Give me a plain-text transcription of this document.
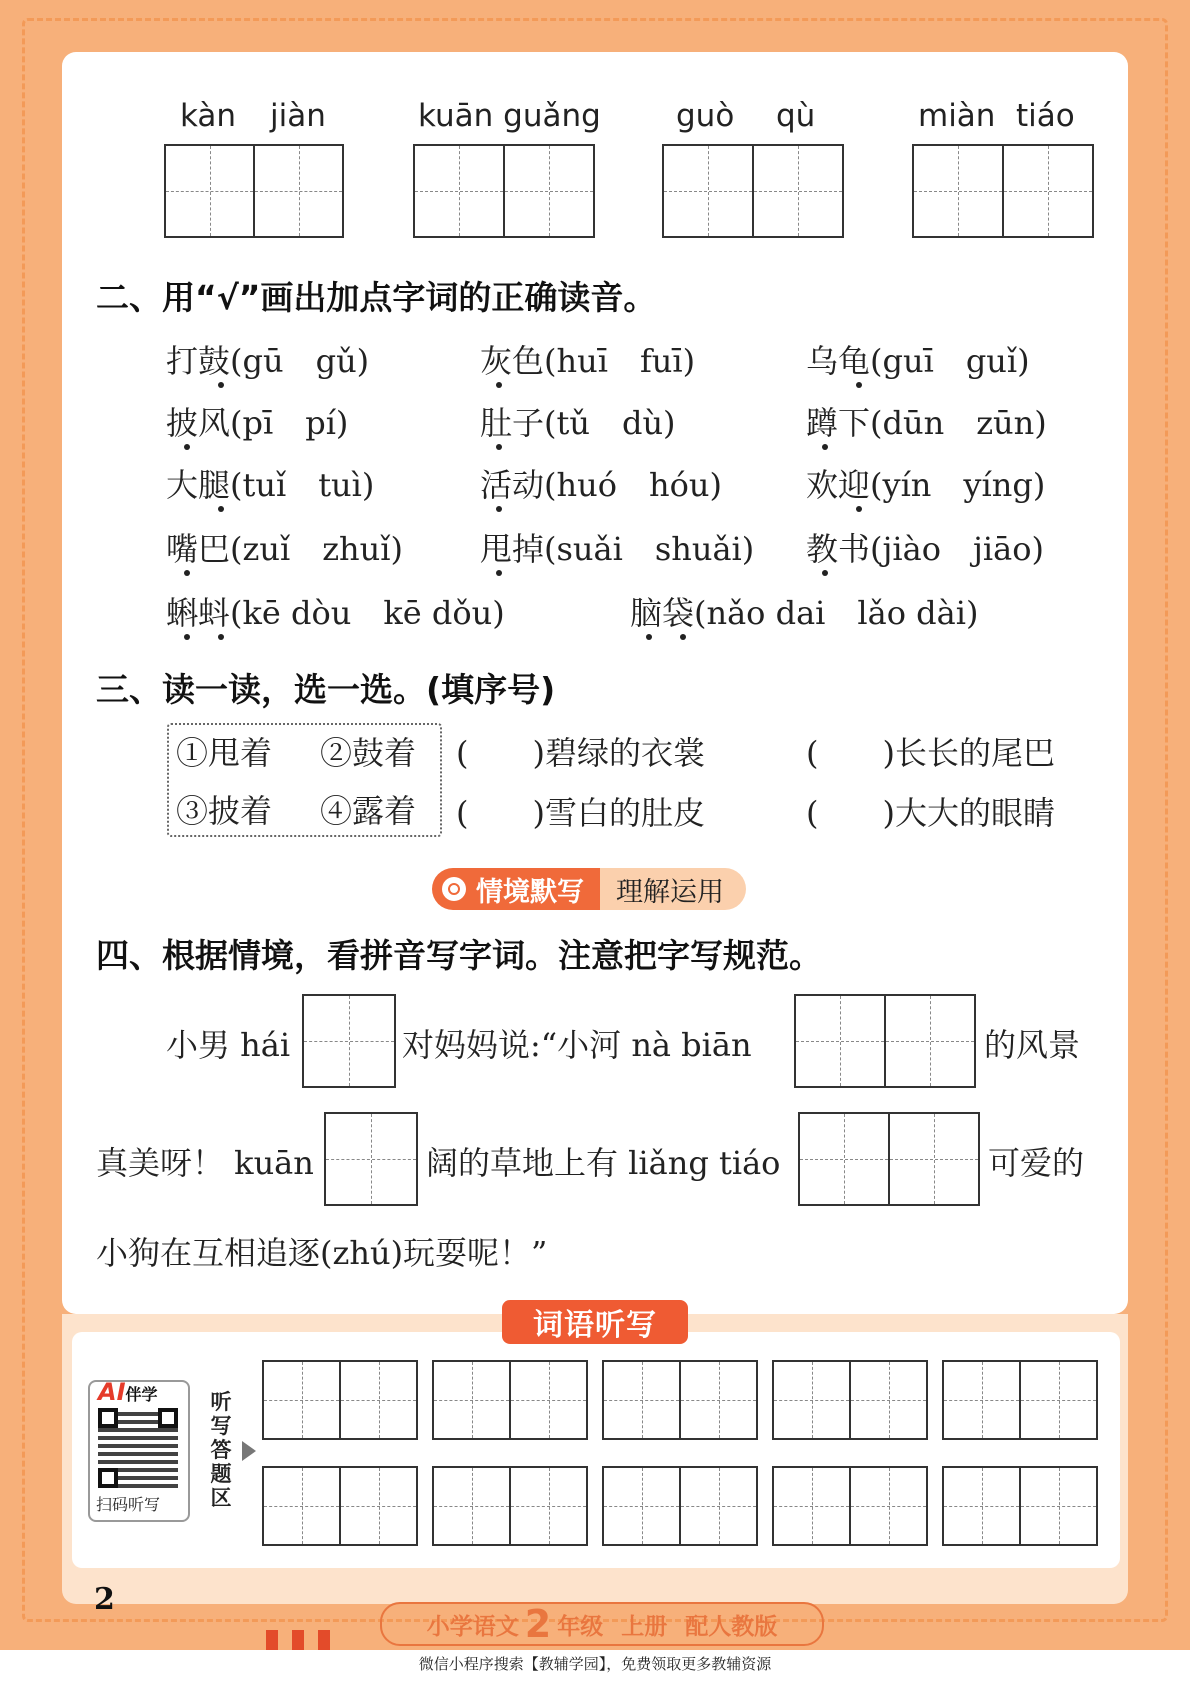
kàn jiàn	kuān guǎng guò qù	miàn tiáo
二、用“√”画出加点字词的正确读音。
打鼓(gū　gǔ)	灰色(huī　fuī)	乌龟(guī　guǐ)
披风(pī　pí)	肚子(tǔ　dù)	蹲下(dūn　zūn)
大腿(tuǐ　tuì)	活动(huó　hóu)	欢迎(yín　yíng)
嘴巴(zuǐ　zhuǐ) 甩掉(suǎi　shuǎi) 教书(jiào　jiāo)
蝌蚪(kē dòu　kē dǒu)	脑袋(nǎo dai　lǎo dài)
三、读一读，选一选。(填序号)
①甩着 ②鼓着
③披着 ④露着
(　　)碧绿的衣裳	(　　)长长的尾巴
(　　)雪白的肚皮	(　　)大大的眼睛
情境默写 理解运用
四、根据情境，看拼音写字词。注意把字写规范。
小男 hái	对妈妈说:“小河 nà biān	的风景
真美呀！ kuān	阔的草地上有 liǎng tiáo	可爱的
小狗在互相追逐(zhú)玩耍呢！”
词语听写
AI伴学
扫码听写
听写答题区
2
小学语文 2 年级 上册 配人教版
微信小程序搜索【教辅学园】，免费领取更多教辅资源
